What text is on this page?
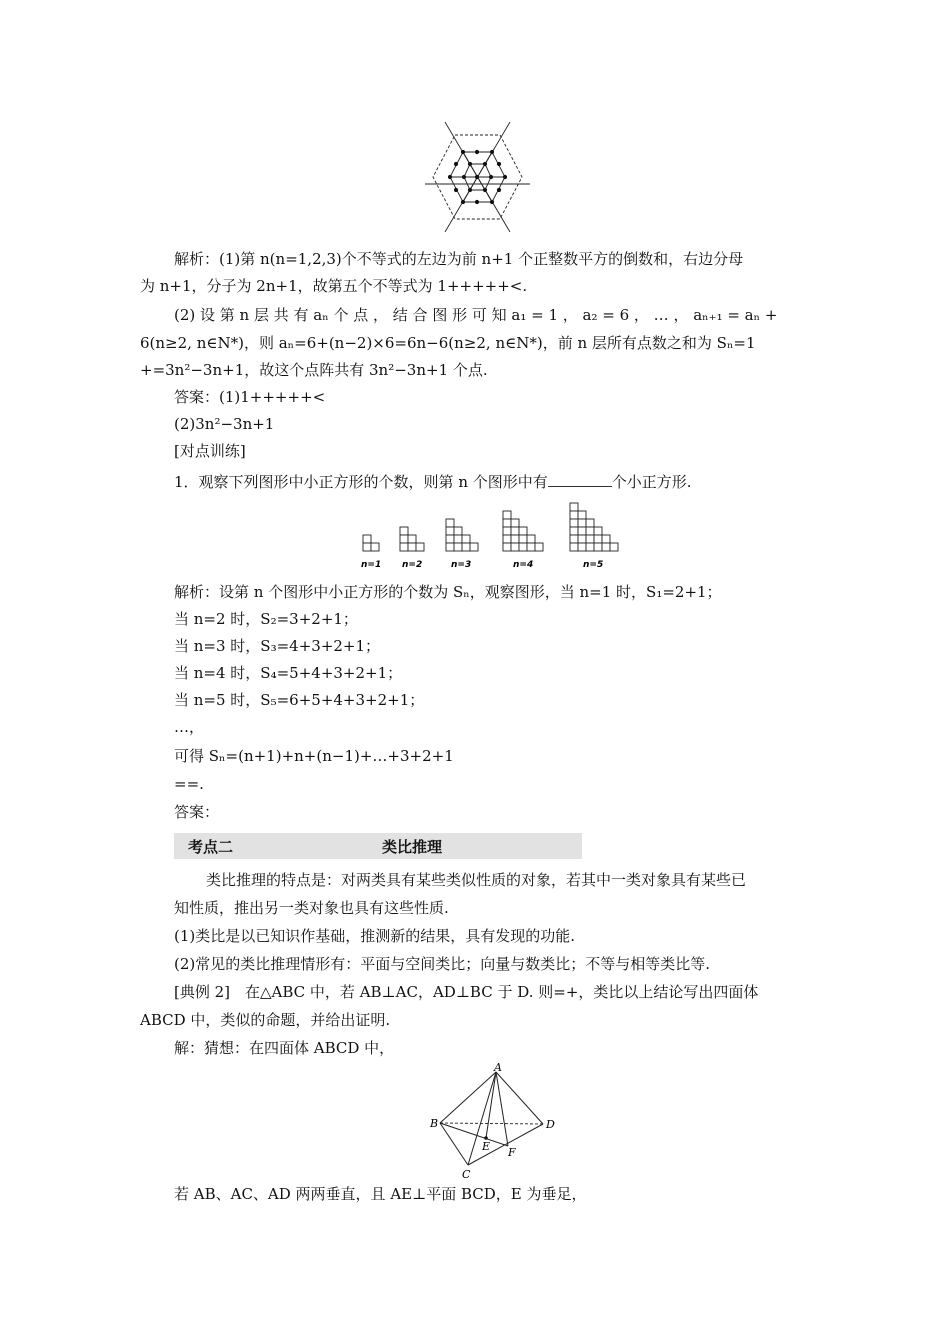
解析：(1)第 n(n=1,2,3)个不等式的左边为前 n+1 个正整数平方的倒数和，右边分母
为 n+1，分子为 2n+1，故第五个不等式为 1+++++<.
(2) 设 第 n 层 共 有 aₙ 个 点 ， 结 合 图 形 可 知 a₁ = 1 ， a₂ = 6 ， … ， aₙ₊₁ = aₙ +
6(n≥2, n∈N*)，则 aₙ=6+(n−2)×6=6n−6(n≥2, n∈N*)，前 n 层所有点数之和为 Sₙ=1
+=3n²−3n+1，故这个点阵共有 3n²−3n+1 个点.
答案：(1)1+++++<
(2)3n²−3n+1
[对点训练]
1．观察下列图形中小正方形的个数，则第 n 个图形中有	个小正方形.
n=1 n=2	n=3	n=4	n=5
解析：设第 n 个图形中小正方形的个数为 Sₙ，观察图形，当 n=1 时，S₁=2+1；
当 n=2 时，S₂=3+2+1；
当 n=3 时，S₃=4+3+2+1；
当 n=4 时，S₄=5+4+3+2+1；
当 n=5 时，S₅=6+5+4+3+2+1；
…，
可得 Sₙ=(n+1)+n+(n−1)+…+3+2+1
==.
答案：
考点二	类比推理
类比推理的特点是：对两类具有某些类似性质的对象，若其中一类对象具有某些已
知性质，推出另一类对象也具有这些性质.
(1)类比是以已知识作基础，推测新的结果，具有发现的功能.
(2)常见的类比推理情形有：平面与空间类比；向量与数类比；不等与相等类比等.
[典例 2]　在△ABC 中，若 AB⊥AC，AD⊥BC 于 D. 则=+，类比以上结论写出四面体
ABCD 中，类似的命题，并给出证明.
解：猜想：在四面体 ABCD 中，
A
B
C
D
E F
若 AB、AC、AD 两两垂直，且 AE⊥平面 BCD，E 为垂足，
